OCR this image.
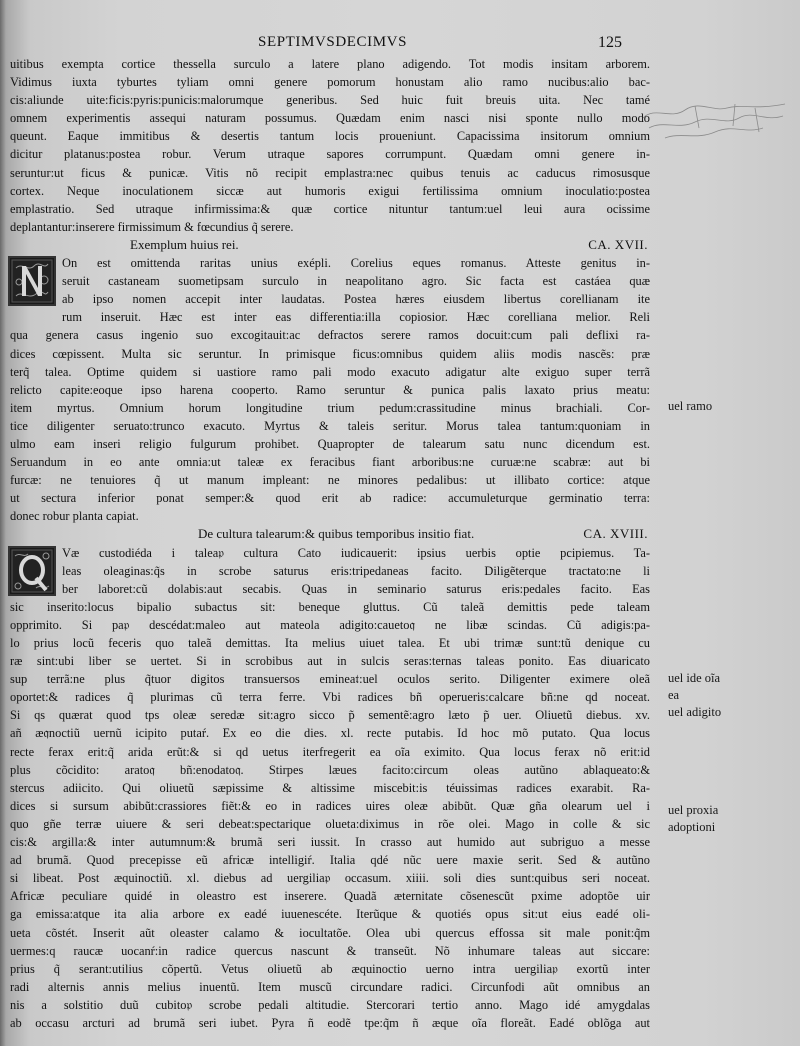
SEPTIMVSDECIMVS	125
uitibus exempta cortice thessella surculo a latere plano adigendo. Tot modis insitam arborem.
Vidimus iuxta tyburtes tyliam omni genere pomorum honustam alio ramo nucibus:alio bac-
cis:aliunde uite:ficis:pyris:punicis:malorumque generibus. Sed huic fuit breuis uita. Nec tamé
omnem experimentis assequi naturam possumus. Quædam enim nasci nisi sponte nullo modo
queunt. Eaque immitibus & desertis tantum locis proueniunt. Capacissima insitorum omnium
dicitur platanus:postea robur. Verum utraque sapores corrumpunt. Quædam omni genere in-
seruntur:ut ficus & punicæ. Vitis nõ recipit emplastra:nec quibus tenuis ac caducus rimosusque
cortex. Neque inoculationem siccæ aut humoris exigui fertilissima omnium inoculatio:postea
emplastratio. Sed utraque infirmissima:& quæ cortice nituntur tantum:uel leui aura ocissime
deplantantur:inserere firmissimum & fœcundius q̃ serere.
Exemplum huius rei.	CA. XVII.
On est omittenda raritas unius exépli. Corelius eques romanus. Atteste genitus in-
seruit castaneam suometipsam surculo in neapolitano agro. Sic facta est castáea quæ
ab ipso nomen accepit inter laudatas. Postea hæres eiusdem libertus corellianam ite
rum inseruit. Hæc est inter eas differentia:illa copiosior. Hæc corelliana melior. Reli
qua genera casus ingenio suo excogitauit:ac defractos serere ramos docuit:cum pali deflixi ra-
dices cœpissent. Multa sic seruntur. In primisque ficus:omnibus quidem aliis modis nascẽs: præ
terq̃ talea. Optime quidem si uastiore ramo pali modo exacuto adigatur alte exiguo super terrã
relicto capite:eoque ipso harena cooperto. Ramo seruntur & punica palis laxato prius meatu:
item myrtus. Omnium horum longitudine trium pedum:crassitudine minus brachiali. Cor-
tice diligenter seruato:trunco exacuto. Myrtus & taleis seritur. Morus talea tantum:quoniam in
ulmo eam inseri religio fulgurum prohibet. Quapropter de talearum satu nunc dicendum est.
Seruandum in eo ante omnia:ut taleæ ex feracibus fiant arboribus:ne curuæ:ne scabræ: aut bi
furcæ: ne tenuiores q̃ ut manum impleant: ne minores pedalibus: ut illibato cortice: atque
ut sectura inferior ponat semper:& quod erit ab radice: accumuleturque germinatio terra:
donec robur planta capiat.
De cultura talearum:& quibus temporibus insitio fiat.	CA. XVIII.
Væ custodiéda i talea𝔭 cultura Cato iudicauerit: ipsius uerbis optie pcipiemus. Ta-
leas oleaginas:q̃s in scrobe saturus eris:tripedaneas facito. Diligẽterque tractato:ne li
ber laboret:cũ dolabis:aut secabis. Quas in seminario saturus eris:pedales facito. Eas
sic inserito:locus bipalio subactus sit: beneque gluttus. Cũ taleã demittis pede taleam
opprimito. Si pa𝔭 descédat:maleo aut mateola adigito:caueto𝔮 ne libæ scindas. Cũ adigis:pa-
lo prius locũ feceris quo taleã demittas. Ita melius uiuet talea. Et ubi trimæ sunt:tũ denique cu
ræ sint:ubi liber se uertet. Si in scrobibus aut in sulcis seras:ternas taleas ponito. Eas diuaricato
sup terrã:ne plus q̃tuor digitos transuersos eminea𝔱:uel oculos serito. Diligenter eximere oleã
oportet:& radices q̃ plurimas cũ terra ferre. Vbi radices bñ operueris:calcare bñ:ne qd noceat.
Si qs quærat quod tps oleæ seredæ sit:agro sicco p̃ sementẽ:agro læto p̃ uer. Oliuetũ diebus. xv.
añ æ𝔮noctiũ uernũ icipito putaŕ. Ex eo die dies. xl. recte putabis. Id hoc mõ putato. Qua locus
recte ferax erit:q̃ arida erũt:& si qd uetus iterfregerit ea oĩa eximito. Qua locus ferax nõ erit:id
plus cõcidito: arato𝔮 bñ:enodato𝔮. Stirpes læues facito:circum oleas autũno ablaqueato:&
stercus adiicito. Qui oliuetũ sæpissime & altissime miscebit:is téuissimas radices exarabit. Ra-
dices si sursum abibũt:crassiores fiẽt:& eo in radices uires oleæ abibũt. Quæ gña olearum uel i
quo gñe terræ uiuere & seri debeat:spectarique olueta:diximus in rõe olei. Mago in colle & sic
cis:& argilla:& inter autumnum:& brumã seri iussit. In crasso aut humido aut subriguo a messe
ad brumã. Quod precepisse eũ africæ intelligiŕ. Italia qdé nũc uere maxie serit. Sed & autũno
si libeat. Post æquinoctiũ. xl. diebus ad uergilia𝔭 occasum. xiiii. soli dies sunt:quibus seri noceat.
Africæ peculiare quidé in oleastro est inserere. Quadã æternitate cõsenescũt pxime adoptõe uir
ga emissa:atque ita alia arbore ex eadé iuuenescéte. Iterũque & quotiés opus sit:ut eius eadé oli-
ueta cõstét. Inserit aũt oleaster calamo & iocultatõe. Olea ubi quercus effossa sit male ponit:q̃m
uermes:q raucæ uocanŕ:in radice quercus nascunt & transeũt. Nõ inhumare taleas aut siccare:
prius q̃ serant:utilius cõpertũ. Vetus oliuetũ ab æquinoctio uerno intra uergilia𝔭 exortũ inter
radi alternis annis melius inuentũ. Item muscũ circundare radici. Circunfodi aũt omnibus an
nis a solstitio duũ cubito𝔭 scrobe pedali altitudie. Stercorari tertio anno. Mago idé amygdalas
ab occasu arcturi ad brumã seri iubet. Pyra ñ eodẽ tpe:q̃m ñ æque oĩa floreãt. Eadé oblõga aut
uel ramo
uel ide oĩa
ea
uel adigito
uel proxia
adoptioni
